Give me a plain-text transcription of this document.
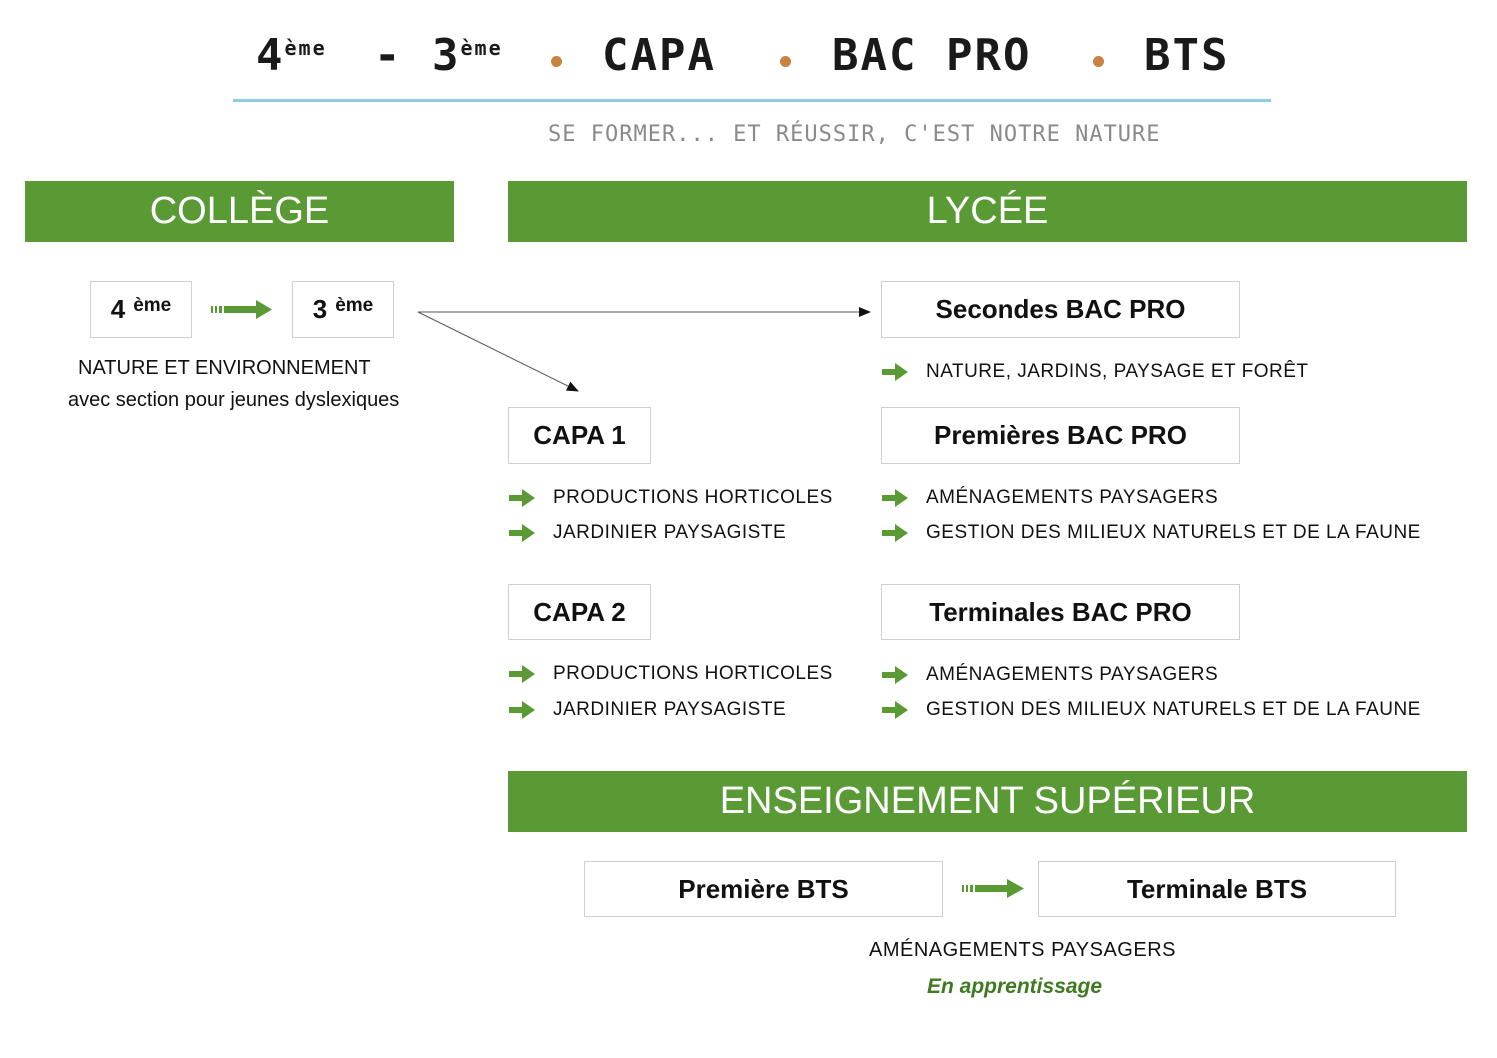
4ème - 3ème CAPA	BAC PRO	BTS
SE FORMER... ET RÉUSSIR, C'EST NOTRE NATURE
COLLÈGE	LYCÉE
ENSEIGNEMENT SUPÉRIEUR
4 $^{ème}$	3 $^{ème}$
NATURE ET ENVIRONNEMENT
avec section pour jeunes dyslexiques
CAPA 1
CAPA 2
Secondes BAC PRO
Premières BAC PRO
Terminales BAC PRO
NATURE, JARDINS, PAYSAGE ET FORÊT
PRODUCTIONS HORTICOLES
JARDINIER PAYSAGISTE
AMÉNAGEMENTS PAYSAGERS
GESTION DES MILIEUX NATURELS ET DE LA FAUNE
PRODUCTIONS HORTICOLES
JARDINIER PAYSAGISTE
AMÉNAGEMENTS PAYSAGERS
GESTION DES MILIEUX NATURELS ET DE LA FAUNE
Première BTS	Terminale BTS
AMÉNAGEMENTS PAYSAGERS
En apprentissage
